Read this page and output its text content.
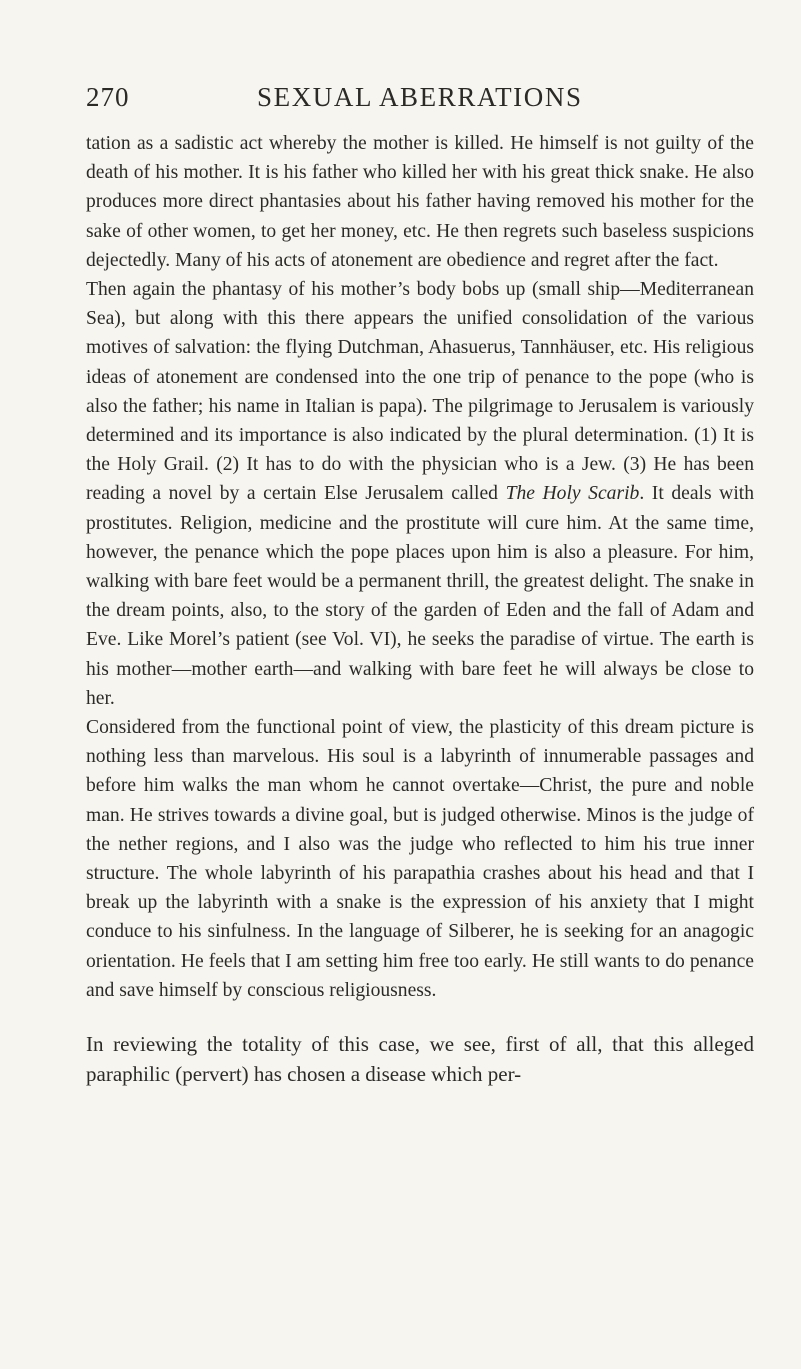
270	SEXUAL ABERRATIONS

tation as a sadistic act whereby the mother is killed. He himself is not guilty of the death of his mother. It is his father who killed her with his great thick snake. He also produces more direct phantasies about his father having removed his mother for the sake of other women, to get her money, etc. He then regrets such baseless suspicions dejectedly. Many of his acts of atonement are obedience and regret after the fact.

Then again the phantasy of his mother’s body bobs up (small ship—Mediterranean Sea), but along with this there appears the unified consolidation of the various motives of salvation: the flying Dutchman, Ahasuerus, Tannhäuser, etc. His religious ideas of atonement are condensed into the one trip of penance to the pope (who is also the father; his name in Italian is papa). The pilgrimage to Jerusalem is variously determined and its importance is also indicated by the plural determination. (1) It is the Holy Grail. (2) It has to do with the physician who is a Jew. (3) He has been reading a novel by a certain Else Jerusalem called The Holy Scarib. It deals with prostitutes. Religion, medicine and the prostitute will cure him. At the same time, however, the penance which the pope places upon him is also a pleasure. For him, walking with bare feet would be a permanent thrill, the greatest delight. The snake in the dream points, also, to the story of the garden of Eden and the fall of Adam and Eve. Like Morel’s patient (see Vol. VI), he seeks the paradise of virtue. The earth is his mother—mother earth—and walking with bare feet he will always be close to her.

Considered from the functional point of view, the plasticity of this dream picture is nothing less than marvelous. His soul is a labyrinth of innumerable passages and before him walks the man whom he cannot overtake—Christ, the pure and noble man. He strives towards a divine goal, but is judged otherwise. Minos is the judge of the nether regions, and I also was the judge who reflected to him his true inner structure. The whole labyrinth of his parapathia crashes about his head and that I break up the labyrinth with a snake is the expression of his anxiety that I might conduce to his sinfulness. In the language of Silberer, he is seeking for an anagogic orientation. He feels that I am setting him free too early. He still wants to do penance and save himself by conscious religiousness.

In reviewing the totality of this case, we see, first of all, that this alleged paraphilic (pervert) has chosen a disease which per-
